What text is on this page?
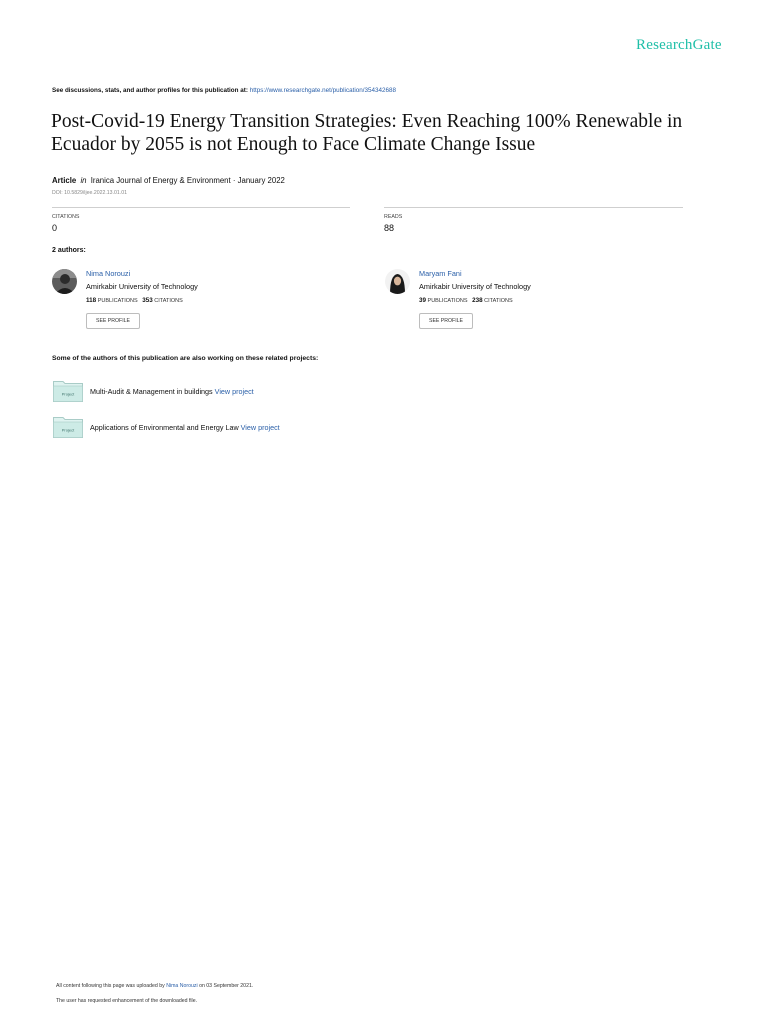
ResearchGate
See discussions, stats, and author profiles for this publication at: https://www.researchgate.net/publication/354342688
Post-Covid-19 Energy Transition Strategies: Even Reaching 100% Renewable in Ecuador by 2055 is not Enough to Face Climate Change Issue
Article in Iranica Journal of Energy & Environment · January 2022
DOI: 10.5829/ijee.2022.13.01.01
CITATIONS
0
READS
88
2 authors:
Nima Norouzi
Amirkabir University of Technology
118 PUBLICATIONS 353 CITATIONS
SEE PROFILE
Maryam Fani
Amirkabir University of Technology
39 PUBLICATIONS 238 CITATIONS
SEE PROFILE
Some of the authors of this publication are also working on these related projects:
Project Multi-Audit & Management in buildings View project
Project Applications of Environmental and Energy Law View project
All content following this page was uploaded by Nima Norouzi on 03 September 2021.
The user has requested enhancement of the downloaded file.
